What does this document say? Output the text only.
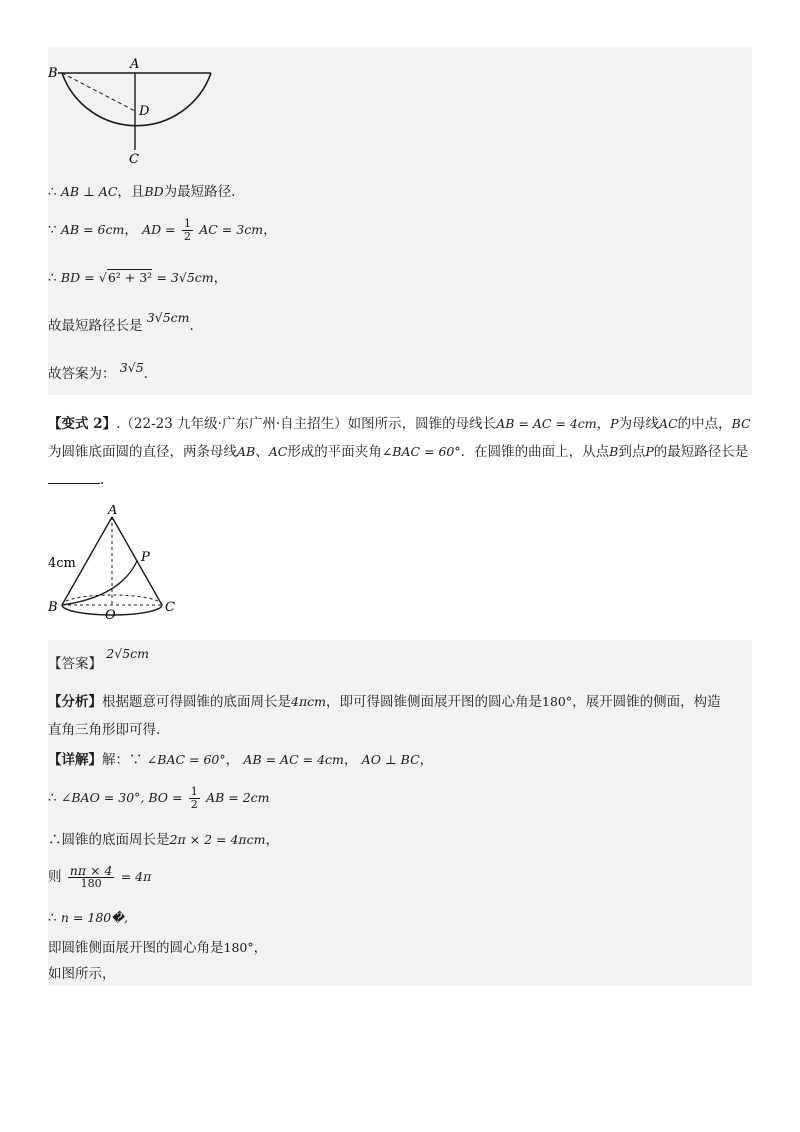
B
A
D
C
∴ AB ⊥ AC，且BD为最短路径.
∵ AB = 6cm， AD = $\frac{1}{2}$ AC = 3cm，
∴ BD = √6² + 3² = 3√5cm，
故最短路径长是 3√5cm.
故答案为： 3√5.
【变式 2】.（22-23 九年级·广东广州·自主招生）如图所示，圆锥的母线长AB = AC = 4cm，P为母线AC的中点，BC为圆锥底面圆的直径，两条母线AB、AC形成的平面夹角∠BAC = 60°．在圆锥的曲面上，从点B到点P的最短路径长是.
A
P
B
O
C
4cm
【答案】 2√5cm
【分析】根据题意可得圆锥的底面周长是4πcm，即可得圆锥侧面展开图的圆心角是180°，展开圆锥的侧面，构造
直角三角形即可得.
【详解】解：∵ ∠BAC = 60°， AB = AC = 4cm， AO ⊥ BC，
∴ ∠BAO = 30°, BO = $\frac{1}{2}$ AB = 2cm
∴圆锥的底面周长是2π × 2 = 4πcm，
则 $\frac{n\pi \times 4}{180} = 4\pi$
∴ n = 180�,
即圆锥侧面展开图的圆心角是180°，
如图所示，
